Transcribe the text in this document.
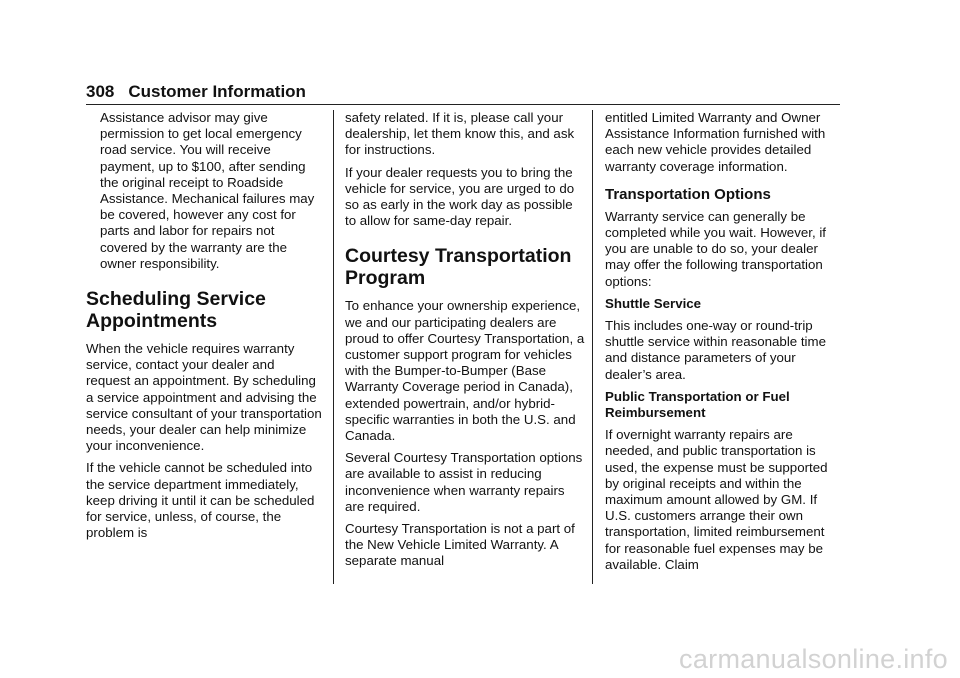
308 Customer Information

Assistance advisor may give permission to get local emergency road service. You will receive payment, up to $100, after sending the original receipt to Roadside Assistance. Mechanical failures may be covered, however any cost for parts and labor for repairs not covered by the warranty are the owner responsibility.

Scheduling Service Appointments

When the vehicle requires warranty service, contact your dealer and request an appointment. By scheduling a service appointment and advising the service consultant of your transportation needs, your dealer can help minimize your inconvenience.

If the vehicle cannot be scheduled into the service department immediately, keep driving it until it can be scheduled for service, unless, of course, the problem is

safety related. If it is, please call your dealership, let them know this, and ask for instructions.

If your dealer requests you to bring the vehicle for service, you are urged to do so as early in the work day as possible to allow for same-day repair.

Courtesy Transportation Program

To enhance your ownership experience, we and our participating dealers are proud to offer Courtesy Transportation, a customer support program for vehicles with the Bumper-to-Bumper (Base Warranty Coverage period in Canada), extended powertrain, and/or hybrid-specific warranties in both the U.S. and Canada.

Several Courtesy Transportation options are available to assist in reducing inconvenience when warranty repairs are required.

Courtesy Transportation is not a part of the New Vehicle Limited Warranty. A separate manual

entitled Limited Warranty and Owner Assistance Information furnished with each new vehicle provides detailed warranty coverage information.

Transportation Options

Warranty service can generally be completed while you wait. However, if you are unable to do so, your dealer may offer the following transportation options:

Shuttle Service

This includes one-way or round-trip shuttle service within reasonable time and distance parameters of your dealer’s area.

Public Transportation or Fuel Reimbursement

If overnight warranty repairs are needed, and public transportation is used, the expense must be supported by original receipts and within the maximum amount allowed by GM. If U.S. customers arrange their own transportation, limited reimbursement for reasonable fuel expenses may be available. Claim

carmanualsonline.info
